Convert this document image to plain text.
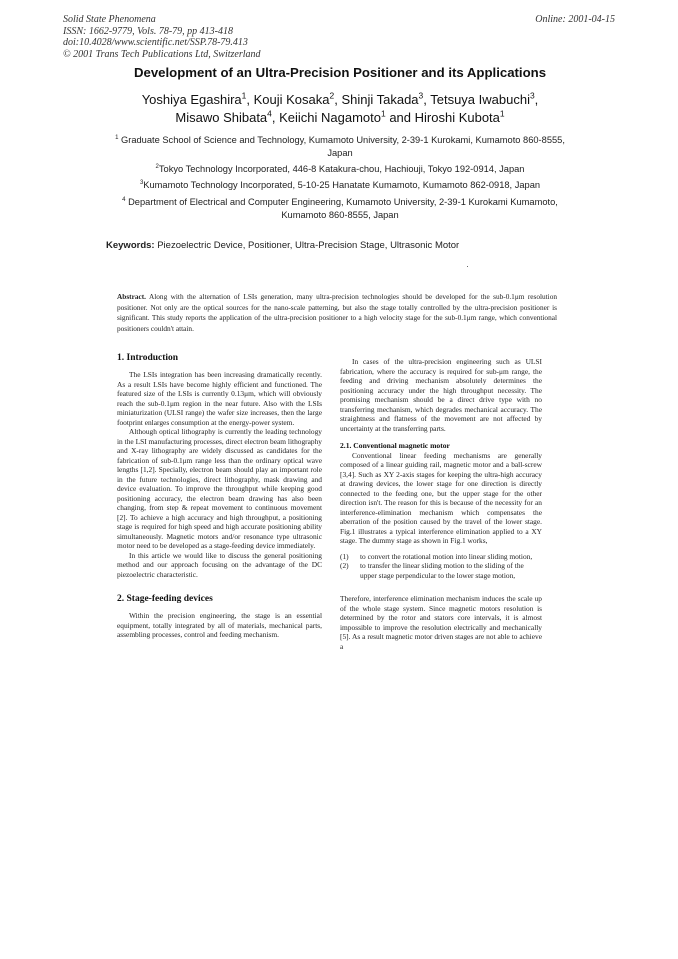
Solid State Phenomena
ISSN: 1662-9779, Vols. 78-79, pp 413-418
doi:10.4028/www.scientific.net/SSP.78-79.413
© 2001 Trans Tech Publications Ltd, Switzerland
Online: 2001-04-15
Development of an Ultra-Precision Positioner and its Applications
Yoshiya Egashira$^1$, Kouji Kosaka$^2$, Shinji Takada$^3$, Tetsuya Iwabuchi$^3$,
Misawo Shibata$^4$, Keiichi Nagamoto$^1$ and Hiroshi Kubota$^1$
$^1$ Graduate School of Science and Technology, Kumamoto University, 2-39-1 Kurokami, Kumamoto 860-8555, Japan
$^2$Tokyo Technology Incorporated, 446-8 Katakura-chou, Hachiouji, Tokyo 192-0914, Japan
$^3$Kumamoto Technology Incorporated, 5-10-25 Hanatate Kumamoto, Kumamoto 862-0918, Japan
$^4$ Department of Electrical and Computer Engineering, Kumamoto University, 2-39-1 Kurokami Kumamoto, Kumamoto 860-8555, Japan
Keywords: Piezoelectric Device, Positioner, Ultra-Precision Stage, Ultrasonic Motor
Abstract. Along with the alternation of LSIs generation, many ultra-precision technologies should be developed for the sub-0.1μm resolution positioner. Not only are the optical sources for the nano-scale patterning, but also the stage totally controlled by the ultra-precision positioner is significant. This study reports the application of the ultra-precision positioner to a high velocity stage for the sub-0.1μm range, which conventional positioners couldn't attain.
1. Introduction

The LSIs integration has been increasing dramatically recently. As a result LSIs have become highly efficient and functioned. The featured size of the LSIs is currently 0.13μm, which will obviously reach the sub-0.1μm region in the near future. Also with the LSIs miniaturization (ULSI range) the wafer size increases, then the large footprint enlarges consumption at the energy-power system.

Although optical lithography is currently the leading technology in the LSI manufacturing processes, direct electron beam lithography and X-ray lithography are widely discussed as candidates for the fabrication of sub-0.1μm range less than the ordinary optical wave lengths [1,2]. Specially, electron beam should play an important role in the future technologies, direct lithography, mask drawing and device evaluation. To improve the throughput while keeping good positioning accuracy, the electron beam drawing has also been changing, from step & repeat movement to continuous movement [2]. To achieve a high accuracy and high throughput, a positioning stage is required for high speed and high accurate positioning ability simultaneously. Magnetic motors and/or resonance type ultrasonic motor need to be developed as a stage-feeding device immediately.

In this article we would like to discuss the general positioning method and our approach focusing on the advantage of the DC piezoelectric characteristic.

2. Stage-feeding devices

Within the precision engineering, the stage is an essential equipment, totally integrated by all of materials, mechanical parts, assembling processes, control and feeding mechanism.

In cases of the ultra-precision engineering such as ULSI fabrication, where the accuracy is required for sub-μm range, the feeding and driving mechanism absolutely determines the positioning accuracy under the high throughput necessity. The promising mechanism should be a direct drive type with no transferring mechanism, which degrades mechanical accuracy. The straightness and flatness of the movement are not affected by uncertainty at the transferring parts.

2.1. Conventional magnetic motor

Conventional linear feeding mechanisms are generally composed of a linear guiding rail, magnetic motor and a ball-screw [3,4]. Such as XY 2-axis stages for keeping the ultra-high accuracy at drawing devices, the lower stage for one direction is directly connected to the feeding one, but the upper stage for the other direction isn't. The reason for this is because of the necessity for an interference-elimination mechanism which compensates the aberration of the position caused by the travel of the lower stage. Fig.1 illustrates a typical interference elimination applied to a XY stage. The dummy stage as shown in Fig.1 works,

(1)	to convert the rotational motion into linear sliding motion,
(2)	to transfer the linear sliding motion to the sliding of the upper stage perpendicular to the lower stage motion,

Therefore, interference elimination mechanism induces the scale up of the whole stage system. Since magnetic motors resolution is determined by the rotor and stators core intervals, it is almost impossible to improve the resolution electrically and mechanically [5]. As a result magnetic motor driven stages are not able to achieve a
